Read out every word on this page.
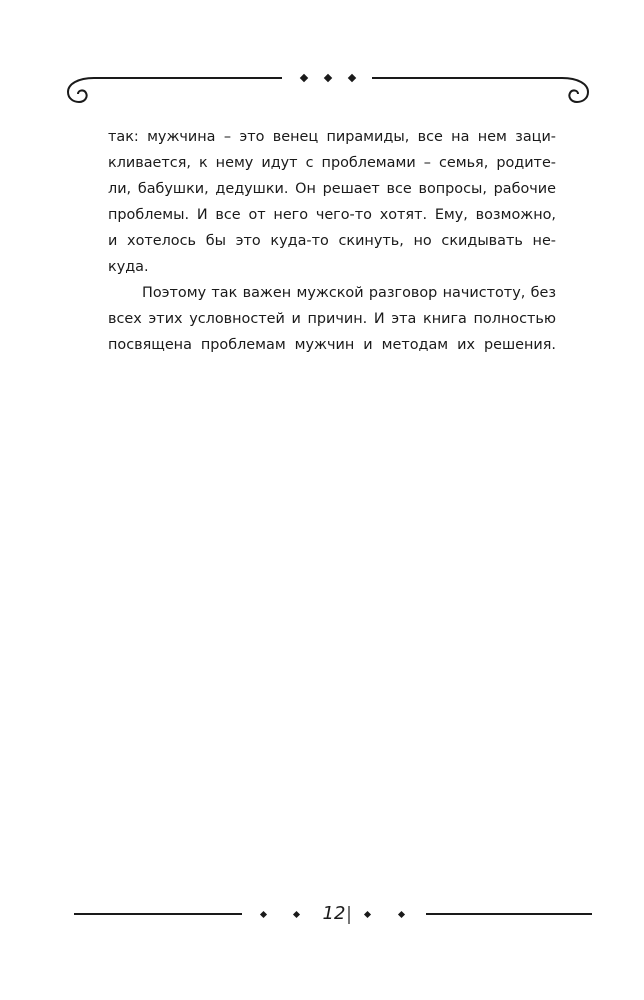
так: мужчина – это венец пирамиды, все на нем заци-
кливается, к нему идут с проблемами – семья, родите-
ли, бабушки, дедушки. Он решает все вопросы, рабочие
проблемы. И все от него чего-то хотят. Ему, возможно,
и хотелось бы это куда-то скинуть, но скидывать не-
куда.

Поэтому так важен мужской разговор начистоту, без
всех этих условностей и причин. И эта книга полностью
посвящена проблемам мужчин и методам их решения.

12
